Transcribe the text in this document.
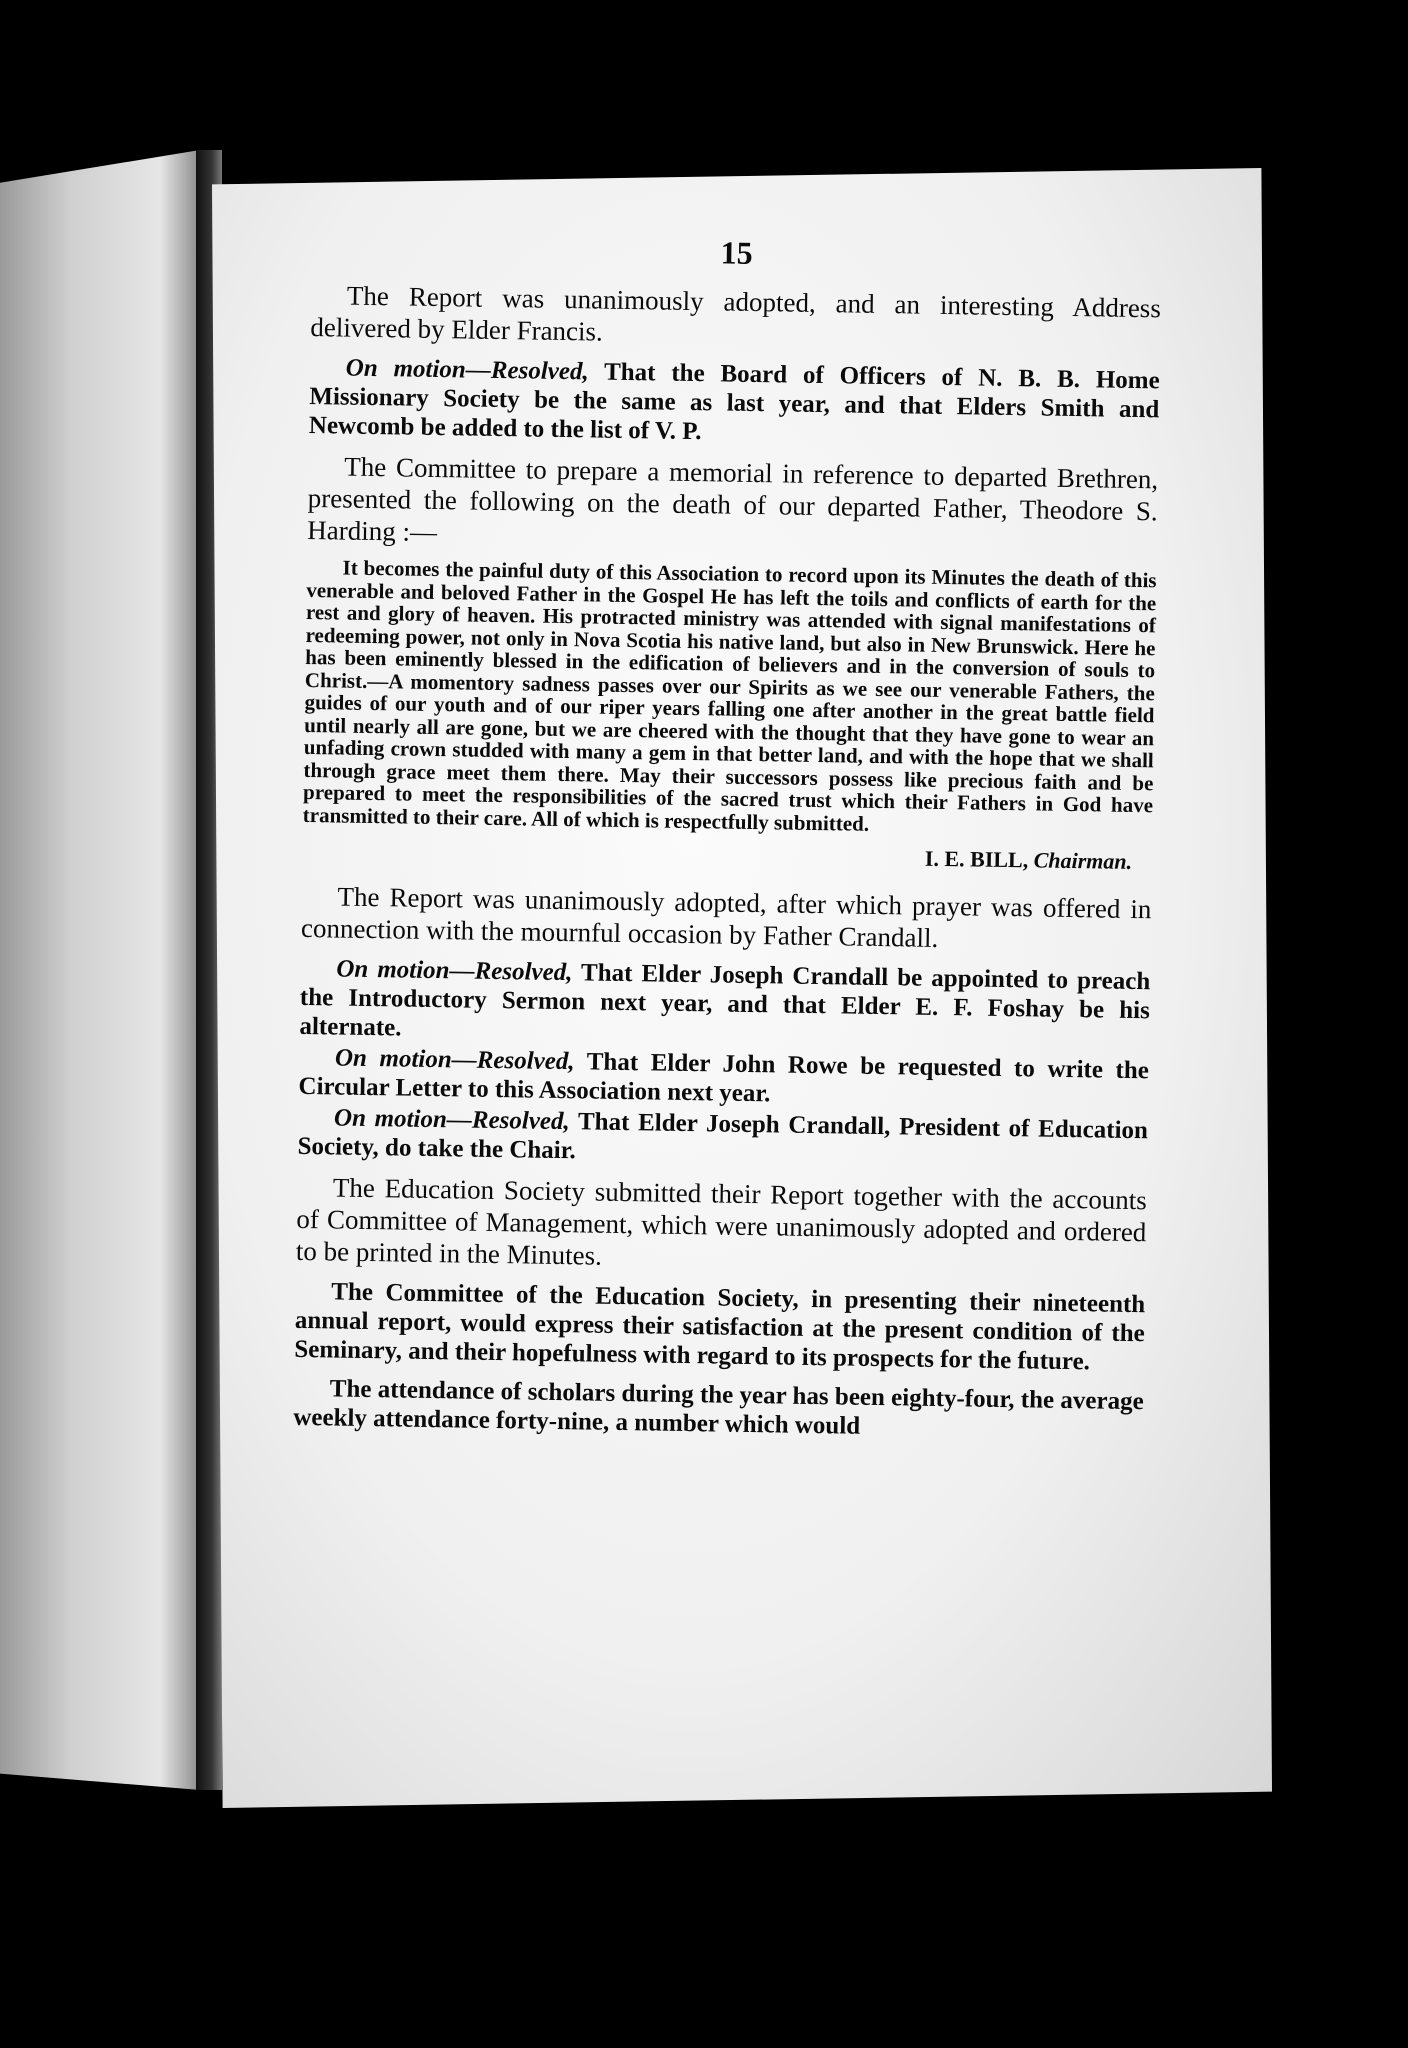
15

The Report was unanimously adopted, and an interesting Address delivered by Elder Francis.

On motion—Resolved, That the Board of Officers of N. B. B. Home Missionary Society be the same as last year, and that Elders Smith and Newcomb be added to the list of V. P.

The Committee to prepare a memorial in reference to departed Brethren, presented the following on the death of our departed Father, Theodore S. Harding :—

It becomes the painful duty of this Association to record upon its Minutes the death of this venerable and beloved Father in the Gospel He has left the toils and conflicts of earth for the rest and glory of heaven. His protracted ministry was attended with signal manifestations of redeeming power, not only in Nova Scotia his native land, but also in New Brunswick. Here he has been eminently blessed in the edification of believers and in the conversion of souls to Christ.—A momentory sadness passes over our Spirits as we see our venerable Fathers, the guides of our youth and of our riper years falling one after another in the great battle field until nearly all are gone, but we are cheered with the thought that they have gone to wear an unfading crown studded with many a gem in that better land, and with the hope that we shall through grace meet them there. May their successors possess like precious faith and be prepared to meet the responsibilities of the sacred trust which their Fathers in God have transmitted to their care. All of which is respectfully submitted.

I. E. BILL, Chairman.

The Report was unanimously adopted, after which prayer was offered in connection with the mournful occasion by Father Crandall.

On motion—Resolved, That Elder Joseph Crandall be appointed to preach the Introductory Sermon next year, and that Elder E. F. Foshay be his alternate.

On motion—Resolved, That Elder John Rowe be requested to write the Circular Letter to this Association next year.

On motion—Resolved, That Elder Joseph Crandall, President of Education Society, do take the Chair.

The Education Society submitted their Report together with the accounts of Committee of Management, which were unanimously adopted and ordered to be printed in the Minutes.

The Committee of the Education Society, in presenting their nineteenth annual report, would express their satisfaction at the present condition of the Seminary, and their hopefulness with regard to its prospects for the future.

The attendance of scholars during the year has been eighty-four, the average weekly attendance forty-nine, a number which would
